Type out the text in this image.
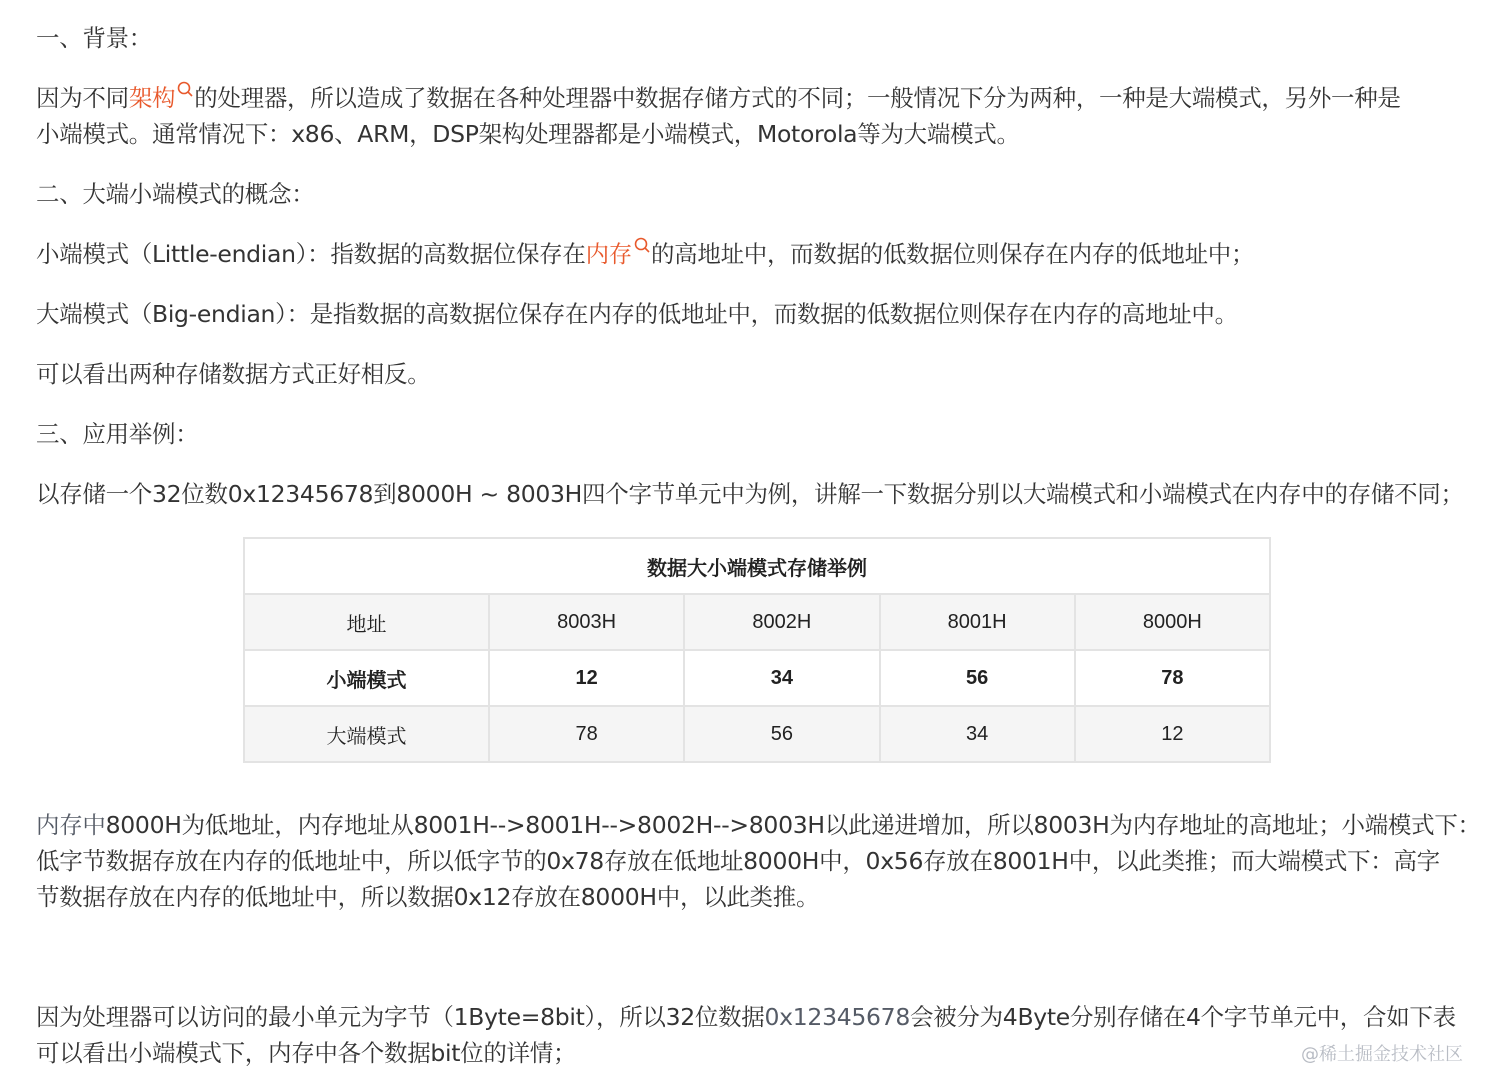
一、背景：
因为不同架构 的处理器，所以造成了数据在各种处理器中数据存储方式的不同；一般情况下分为两种，一种是大端模式，另外一种是
小端模式。通常情况下：x86、ARM，DSP架构处理器都是小端模式，Motorola等为大端模式。
二、大端小端模式的概念：
小端模式（Little-endian）：指数据的高数据位保存在内存 的高地址中，而数据的低数据位则保存在内存的低地址中；
大端模式（Big-endian）：是指数据的高数据位保存在内存的低地址中，而数据的低数据位则保存在内存的高地址中。
可以看出两种存储数据方式正好相反。
三、应用举例：
以存储一个32位数0x12345678到8000H ~ 8003H四个字节单元中为例，讲解一下数据分别以大端模式和小端模式在内存中的存储不同；
内存中8000H为低地址，内存地址从8001H-->8001H-->8002H-->8003H以此递进增加，所以8003H为内存地址的高地址；小端模式下：
低字节数据存放在内存的低地址中，所以低字节的0x78存放在低地址8000H中，0x56存放在8001H中，以此类推；而大端模式下：高字
节数据存放在内存的低地址中，所以数据0x12存放在8000H中，以此类推。
因为处理器可以访问的最小单元为字节（1Byte=8bit），所以32位数据0x12345678会被分为4Byte分别存储在4个字节单元中，合如下表
可以看出小端模式下，内存中各个数据bit位的详情；
数据大小端模式存储举例				
地址	8003H	8002H	8001H	8000H
小端模式	12	34	56	78
大端模式	78	56	34	12
@稀土掘金技术社区
